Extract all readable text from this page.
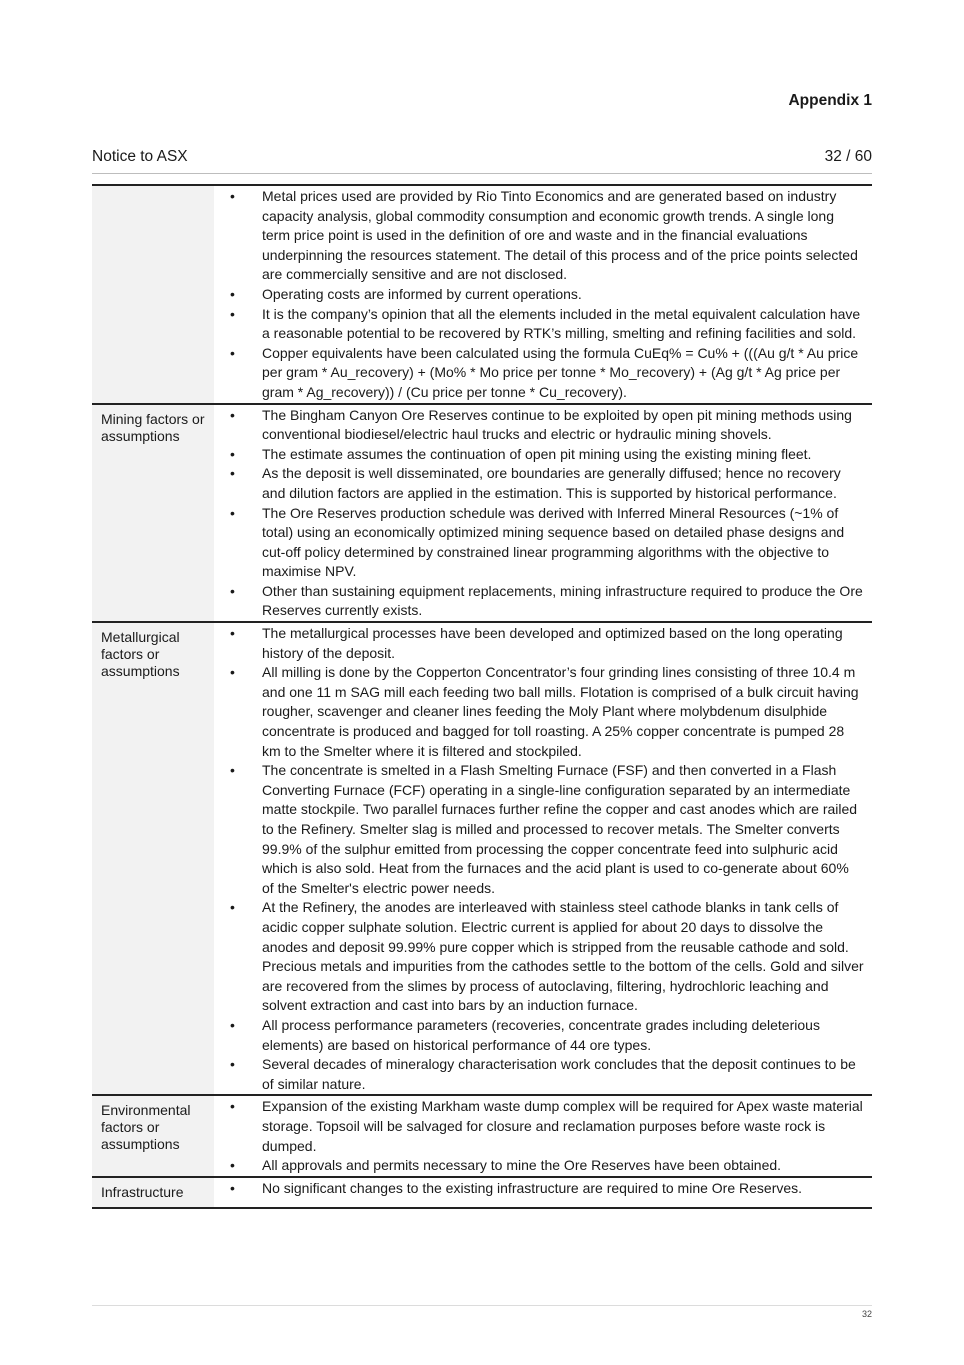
Appendix 1
Notice to ASX	32 / 60
• Metal prices used are provided by Rio Tinto Economics and are generated based on industry capacity analysis, global commodity consumption and economic growth trends. A single long term price point is used in the definition of ore and waste and in the financial evaluations underpinning the resources statement. The detail of this process and of the price points selected are commercially sensitive and are not disclosed.
• Operating costs are informed by current operations.
• It is the company’s opinion that all the elements included in the metal equivalent calculation have a reasonable potential to be recovered by RTK’s milling, smelting and refining facilities and sold.
• Copper equivalents have been calculated using the formula CuEq% = Cu% + (((Au g/t * Au price per gram * Au_recovery) + (Mo% * Mo price per tonne * Mo_recovery) + (Ag g/t * Ag price per gram * Ag_recovery)) / (Cu price per tonne * Cu_recovery).
Mining factors or assumptions
• The Bingham Canyon Ore Reserves continue to be exploited by open pit mining methods using conventional biodiesel/electric haul trucks and electric or hydraulic mining shovels.
• The estimate assumes the continuation of open pit mining using the existing mining fleet.
• As the deposit is well disseminated, ore boundaries are generally diffused; hence no recovery and dilution factors are applied in the estimation. This is supported by historical performance.
• The Ore Reserves production schedule was derived with Inferred Mineral Resources (~1% of total) using an economically optimized mining sequence based on detailed phase designs and cut-off policy determined by constrained linear programming algorithms with the objective to maximise NPV.
• Other than sustaining equipment replacements, mining infrastructure required to produce the Ore Reserves currently exists.
Metallurgical factors or assumptions
• The metallurgical processes have been developed and optimized based on the long operating history of the deposit.
• All milling is done by the Copperton Concentrator’s four grinding lines consisting of three 10.4 m and one 11 m SAG mill each feeding two ball mills. Flotation is comprised of a bulk circuit having rougher, scavenger and cleaner lines feeding the Moly Plant where molybdenum disulphide concentrate is produced and bagged for toll roasting. A 25% copper concentrate is pumped 28 km to the Smelter where it is filtered and stockpiled.
• The concentrate is smelted in a Flash Smelting Furnace (FSF) and then converted in a Flash Converting Furnace (FCF) operating in a single-line configuration separated by an intermediate matte stockpile. Two parallel furnaces further refine the copper and cast anodes which are railed to the Refinery. Smelter slag is milled and processed to recover metals. The Smelter converts 99.9% of the sulphur emitted from processing the copper concentrate feed into sulphuric acid which is also sold. Heat from the furnaces and the acid plant is used to co-generate about 60% of the Smelter's electric power needs.
• At the Refinery, the anodes are interleaved with stainless steel cathode blanks in tank cells of acidic copper sulphate solution. Electric current is applied for about 20 days to dissolve the anodes and deposit 99.99% pure copper which is stripped from the reusable cathode and sold. Precious metals and impurities from the cathodes settle to the bottom of the cells. Gold and silver are recovered from the slimes by process of autoclaving, filtering, hydrochloric leaching and solvent extraction and cast into bars by an induction furnace.
• All process performance parameters (recoveries, concentrate grades including deleterious elements) are based on historical performance of 44 ore types.
• Several decades of mineralogy characterisation work concludes that the deposit continues to be of similar nature.
Environmental factors or assumptions
• Expansion of the existing Markham waste dump complex will be required for Apex waste material storage. Topsoil will be salvaged for closure and reclamation purposes before waste rock is dumped.
• All approvals and permits necessary to mine the Ore Reserves have been obtained.
Infrastructure	• No significant changes to the existing infrastructure are required to mine Ore Reserves.
32
